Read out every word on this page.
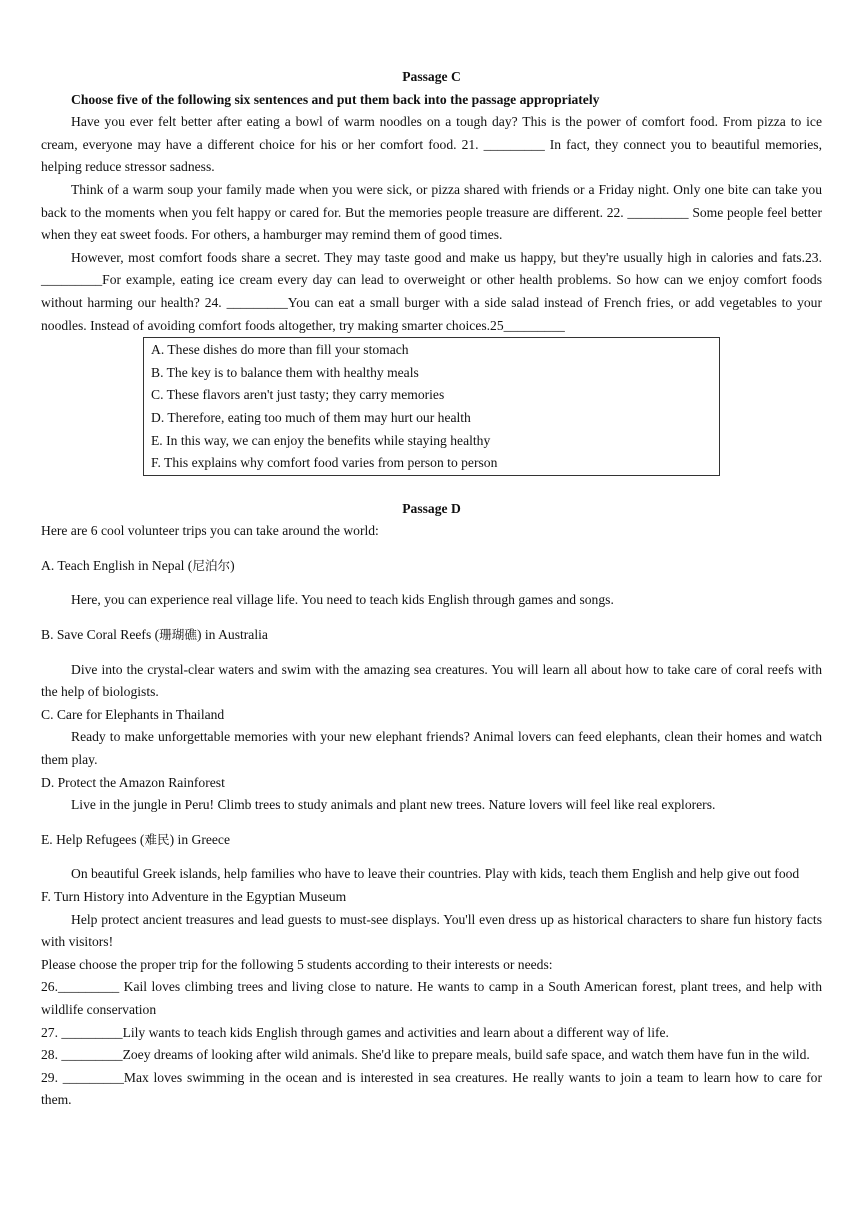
Passage C

Choose five of the following six sentences and put them back into the passage appropriately

Have you ever felt better after eating a bowl of warm noodles on a tough day? This is the power of comfort food. From pizza to ice cream, everyone may have a different choice for his or her comfort food. 21. _________ In fact, they connect you to beautiful memories, helping reduce stressor sadness.

Think of a warm soup your family made when you were sick, or pizza shared with friends or a Friday night. Only one bite can take you back to the moments when you felt happy or cared for. But the memories people treasure are different. 22. _________ Some people feel better when they eat sweet foods. For others, a hamburger may remind them of good times.

However, most comfort foods share a secret. They may taste good and make us happy, but they're usually high in calories and fats.23. _________For example, eating ice cream every day can lead to overweight or other health problems. So how can we enjoy comfort foods without harming our health? 24. _________You can eat a small burger with a side salad instead of French fries, or add vegetables to your noodles. Instead of avoiding comfort foods altogether, try making smarter choices.25_________

A. These dishes do more than fill your stomach
B. The key is to balance them with healthy meals
C. These flavors aren't just tasty; they carry memories
D. Therefore, eating too much of them may hurt our health
E. In this way, we can enjoy the benefits while staying healthy
F. This explains why comfort food varies from person to person

Passage D

Here are 6 cool volunteer trips you can take around the world:

A. Teach English in Nepal (尼泊尔)

Here, you can experience real village life. You need to teach kids English through games and songs.

B. Save Coral Reefs (珊瑚礁) in Australia

Dive into the crystal-clear waters and swim with the amazing sea creatures. You will learn all about how to take care of coral reefs with the help of biologists.

C. Care for Elephants in Thailand

Ready to make unforgettable memories with your new elephant friends? Animal lovers can feed elephants, clean their homes and watch them play.

D. Protect the Amazon Rainforest

Live in the jungle in Peru! Climb trees to study animals and plant new trees. Nature lovers will feel like real explorers.

E. Help Refugees (难民) in Greece

On beautiful Greek islands, help families who have to leave their countries. Play with kids, teach them English and help give out food

F. Turn History into Adventure in the Egyptian Museum

Help protect ancient treasures and lead guests to must-see displays. You'll even dress up as historical characters to share fun history facts with visitors!

Please choose the proper trip for the following 5 students according to their interests or needs:

26._________ Kail loves climbing trees and living close to nature. He wants to camp in a South American forest, plant trees, and help with wildlife conservation

27. _________Lily wants to teach kids English through games and activities and learn about a different way of life.

28. _________Zoey dreams of looking after wild animals. She'd like to prepare meals, build safe space, and watch them have fun in the wild.

29. _________Max loves swimming in the ocean and is interested in sea creatures. He really wants to join a team to learn how to care for them.
